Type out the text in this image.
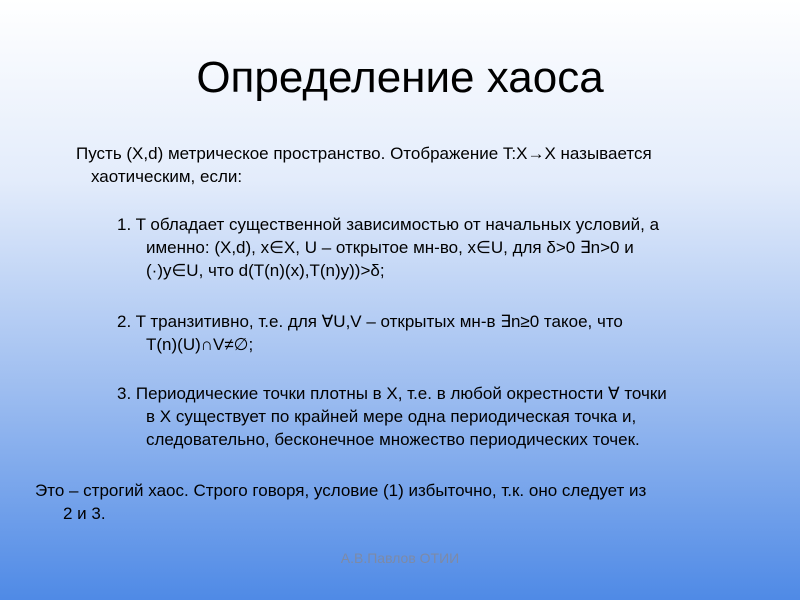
Определение хаоса

Пусть (X,d) метрическое пространство. Отображение T:X→X называется

хаотическим, если:

1. T обладает существенной зависимостью от начальных условий, а

именно: (X,d), x∈X, U – открытое мн-во, x∈U, для δ>0 ∃n>0 и

(·)y∈U, что d(T(n)(x),T(n)y))>δ;

2. T транзитивно, т.е. для ∀U,V – открытых мн-в ∃n≥0 такое, что

T(n)(U)∩V≠∅;

3. Периодические точки плотны в X, т.е. в любой окрестности ∀ точки

в X существует по крайней мере одна периодическая точка и,

следовательно, бесконечное множество периодических точек.

Это – строгий хаос. Строго говоря, условие (1) избыточно, т.к. оно следует из

2 и 3.

А.В.Павлов ОТИИ
